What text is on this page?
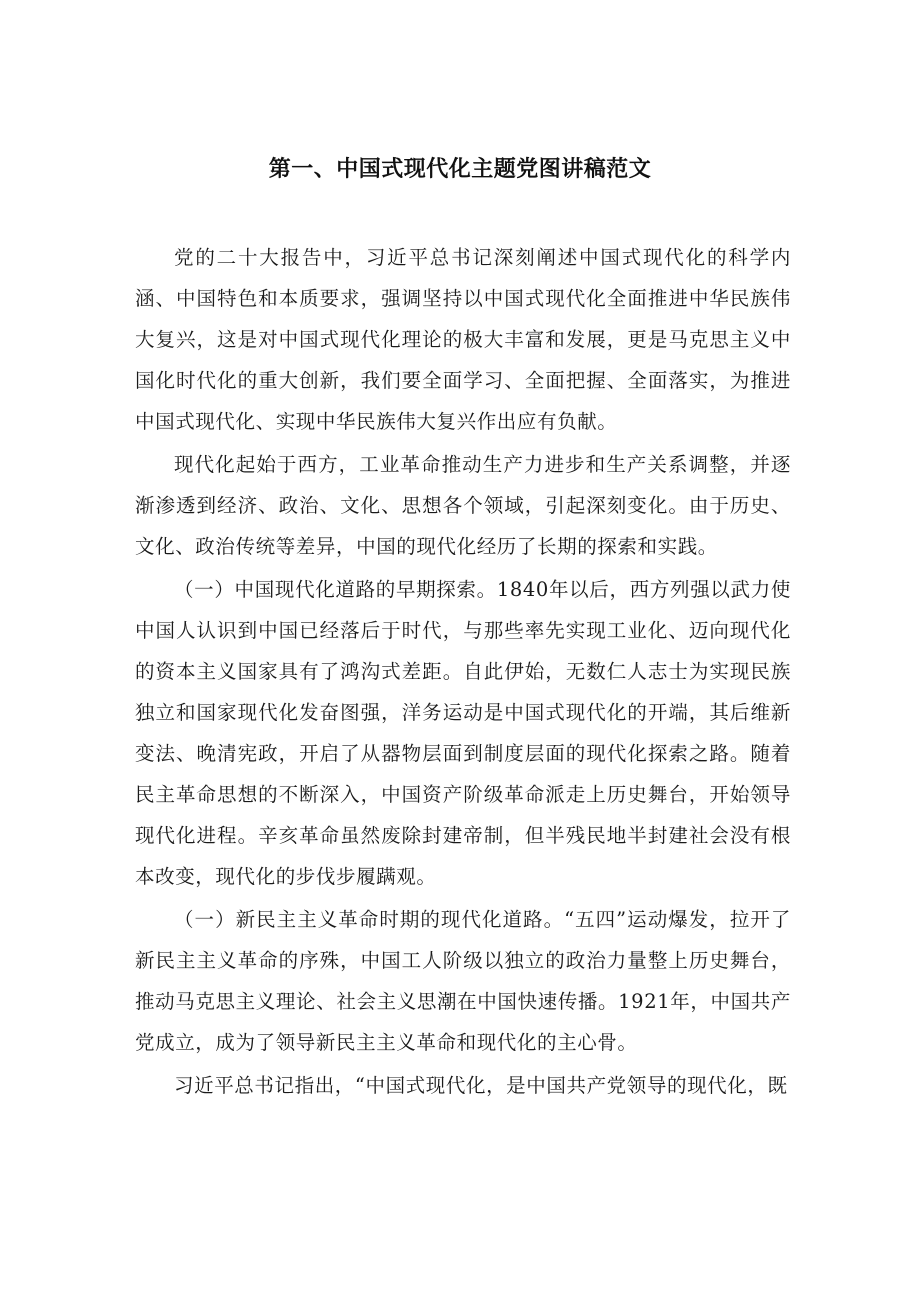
第一、中国式现代化主题党图讲稿范文

党的二十大报告中，习近平总书记深刻阐述中国式现代化的科学内涵、中国特色和本质要求，强调坚持以中国式现代化全面推进中华民族伟大复兴，这是对中国式现代化理论的极大丰富和发展，更是马克思主义中国化时代化的重大创新，我们要全面学习、全面把握、全面落实，为推进中国式现代化、实现中华民族伟大复兴作出应有负献。

现代化起始于西方，工业革命推动生产力进步和生产关系调整，并逐渐渗透到经济、政治、文化、思想各个领域，引起深刻变化。由于历史、文化、政治传统等差异，中国的现代化经历了长期的探索和实践。

（一）中国现代化道路的早期探索。1840年以后，西方列强以武力使中国人认识到中国已经落后于时代，与那些率先实现工业化、迈向现代化的资本主义国家具有了鸿沟式差距。自此伊始，无数仁人志士为实现民族独立和国家现代化发奋图强，洋务运动是中国式现代化的开端，其后维新变法、晚清宪政，开启了从器物层面到制度层面的现代化探索之路。随着民主革命思想的不断深入，中国资产阶级革命派走上历史舞台，开始领导现代化进程。辛亥革命虽然废除封建帝制，但半残民地半封建社会没有根本改变，现代化的步伐步履蹒观。

（一）新民主主义革命时期的现代化道路。“五四”运动爆发，拉开了新民主主义革命的序殊，中国工人阶级以独立的政治力量整上历史舞台，推动马克思主义理论、社会主义思潮在中国快速传播。1921年，中国共产党成立，成为了领导新民主主义革命和现代化的主心骨。

习近平总书记指出，“中国式现代化，是中国共产党领导的现代化，既
